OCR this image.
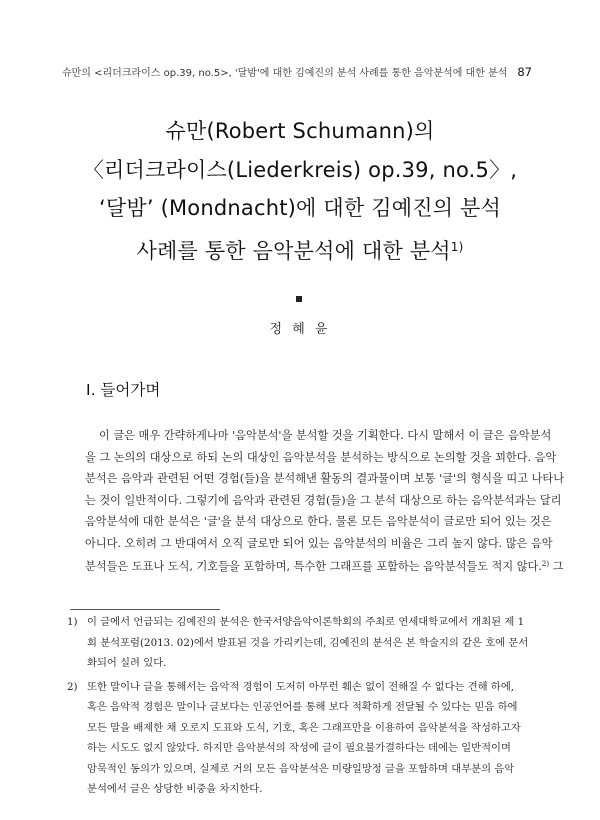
슈만의 <리더크라이스 op.39, no.5>, '달밤'에 대한 김예진의 분석 사례를 통한 음악분석에 대한 분석 87
슈만(Robert Schumann)의
〈리더크라이스(Liederkreis) op.39, no.5〉,
‘달밤’ (Mondnacht)에 대한 김예진의 분석
사례를 통한 음악분석에 대한 분석$^{1)}$
정 혜 윤
I. 들어가며
이 글은 매우 간략하게나마 '음악분석'을 분석할 것을 기획한다. 다시 말해서 이 글은 음악분석
을 그 논의의 대상으로 하되 논의 대상인 음악분석을 분석하는 방식으로 논의할 것을 꾀한다. 음악
분석은 음악과 관련된 어떤 경험(들)을 분석해낸 활동의 결과물이며 보통 '글'의 형식을 띠고 나타나
는 것이 일반적이다. 그렇기에 음악과 관련된 경험(들)을 그 분석 대상으로 하는 음악분석과는 달리
음악분석에 대한 분석은 '글'을 분석 대상으로 한다. 물론 모든 음악분석이 글로만 되어 있는 것은
아니다. 오히려 그 반대여서 오직 글로만 되어 있는 음악분석의 비율은 그리 높지 않다. 많은 음악
분석들은 도표나 도식, 기호들을 포함하며, 특수한 그래프를 포함하는 음악분석들도 적지 않다.$^{2)}$ 그
1) 이 글에서 언급되는 김예진의 분석은 한국서양음악이론학회의 주최로 연세대학교에서 개최된 제 1
회 분석포럼(2013. 02)에서 발표된 것을 가리키는데, 김예진의 분석은 본 학술지의 같은 호에 문서
화되어 실려 있다.
2) 또한 말이나 글을 통해서는 음악적 경험이 도저히 아무런 훼손 없이 전해질 수 없다는 견해 하에,
혹은 음악적 경험은 말이나 글보다는 인공언어를 통해 보다 적확하게 전달될 수 있다는 믿음 하에
모든 말을 배제한 채 오로지 도표와 도식, 기호, 혹은 그래프만을 이용하여 음악분석을 작성하고자
하는 시도도 없지 않았다. 하지만 음악분석의 작성에 글이 필요불가결하다는 데에는 일반적이며
암묵적인 동의가 있으며, 실제로 거의 모든 음악분석은 미량일망정 글을 포함하며 대부분의 음악
분석에서 글은 상당한 비중을 차지한다.
